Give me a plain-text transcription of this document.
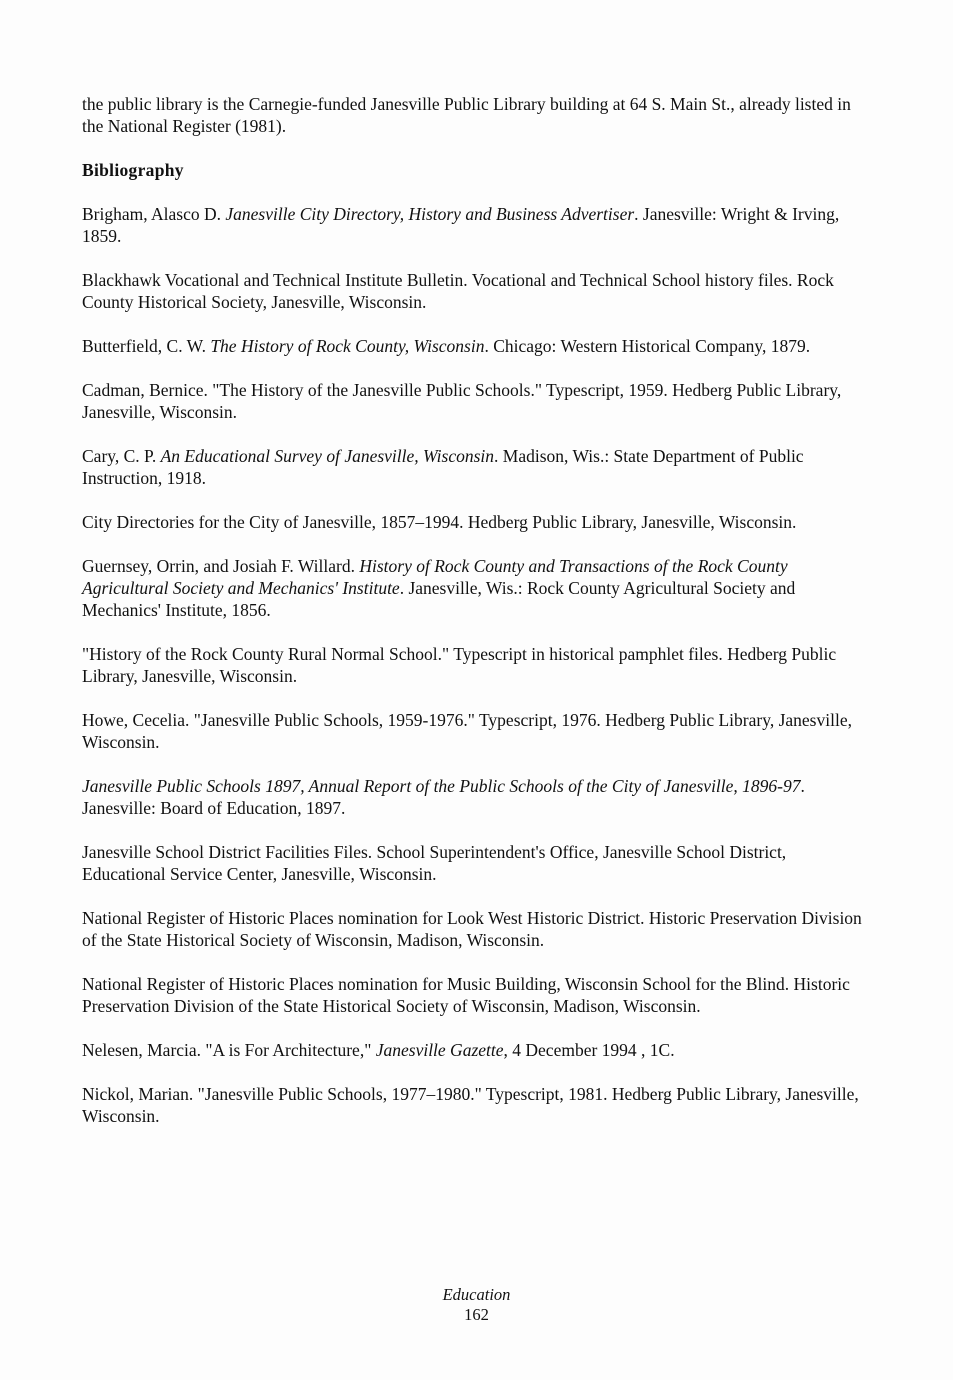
the public library is the Carnegie-funded Janesville Public Library building at 64 S. Main St., already listed in the National Register (1981).

Bibliography

Brigham, Alasco D. Janesville City Directory, History and Business Advertiser. Janesville: Wright & Irving, 1859.

Blackhawk Vocational and Technical Institute Bulletin. Vocational and Technical School history files. Rock County Historical Society, Janesville, Wisconsin.

Butterfield, C. W. The History of Rock County, Wisconsin. Chicago: Western Historical Company, 1879.

Cadman, Bernice. "The History of the Janesville Public Schools." Typescript, 1959. Hedberg Public Library, Janesville, Wisconsin.

Cary, C. P. An Educational Survey of Janesville, Wisconsin. Madison, Wis.: State Department of Public Instruction, 1918.

City Directories for the City of Janesville, 1857–1994. Hedberg Public Library, Janesville, Wisconsin.

Guernsey, Orrin, and Josiah F. Willard. History of Rock County and Transactions of the Rock County Agricultural Society and Mechanics' Institute. Janesville, Wis.: Rock County Agricultural Society and Mechanics' Institute, 1856.

"History of the Rock County Rural Normal School." Typescript in historical pamphlet files. Hedberg Public Library, Janesville, Wisconsin.

Howe, Cecelia. "Janesville Public Schools, 1959-1976." Typescript, 1976. Hedberg Public Library, Janesville, Wisconsin.

Janesville Public Schools 1897, Annual Report of the Public Schools of the City of Janesville, 1896-97. Janesville: Board of Education, 1897.

Janesville School District Facilities Files. School Superintendent's Office, Janesville School District, Educational Service Center, Janesville, Wisconsin.

National Register of Historic Places nomination for Look West Historic District. Historic Preservation Division of the State Historical Society of Wisconsin, Madison, Wisconsin.

National Register of Historic Places nomination for Music Building, Wisconsin School for the Blind. Historic Preservation Division of the State Historical Society of Wisconsin, Madison, Wisconsin.

Nelesen, Marcia. "A is For Architecture," Janesville Gazette, 4 December 1994 , 1C.

Nickol, Marian. "Janesville Public Schools, 1977–1980." Typescript, 1981. Hedberg Public Library, Janesville, Wisconsin.

Education
162
